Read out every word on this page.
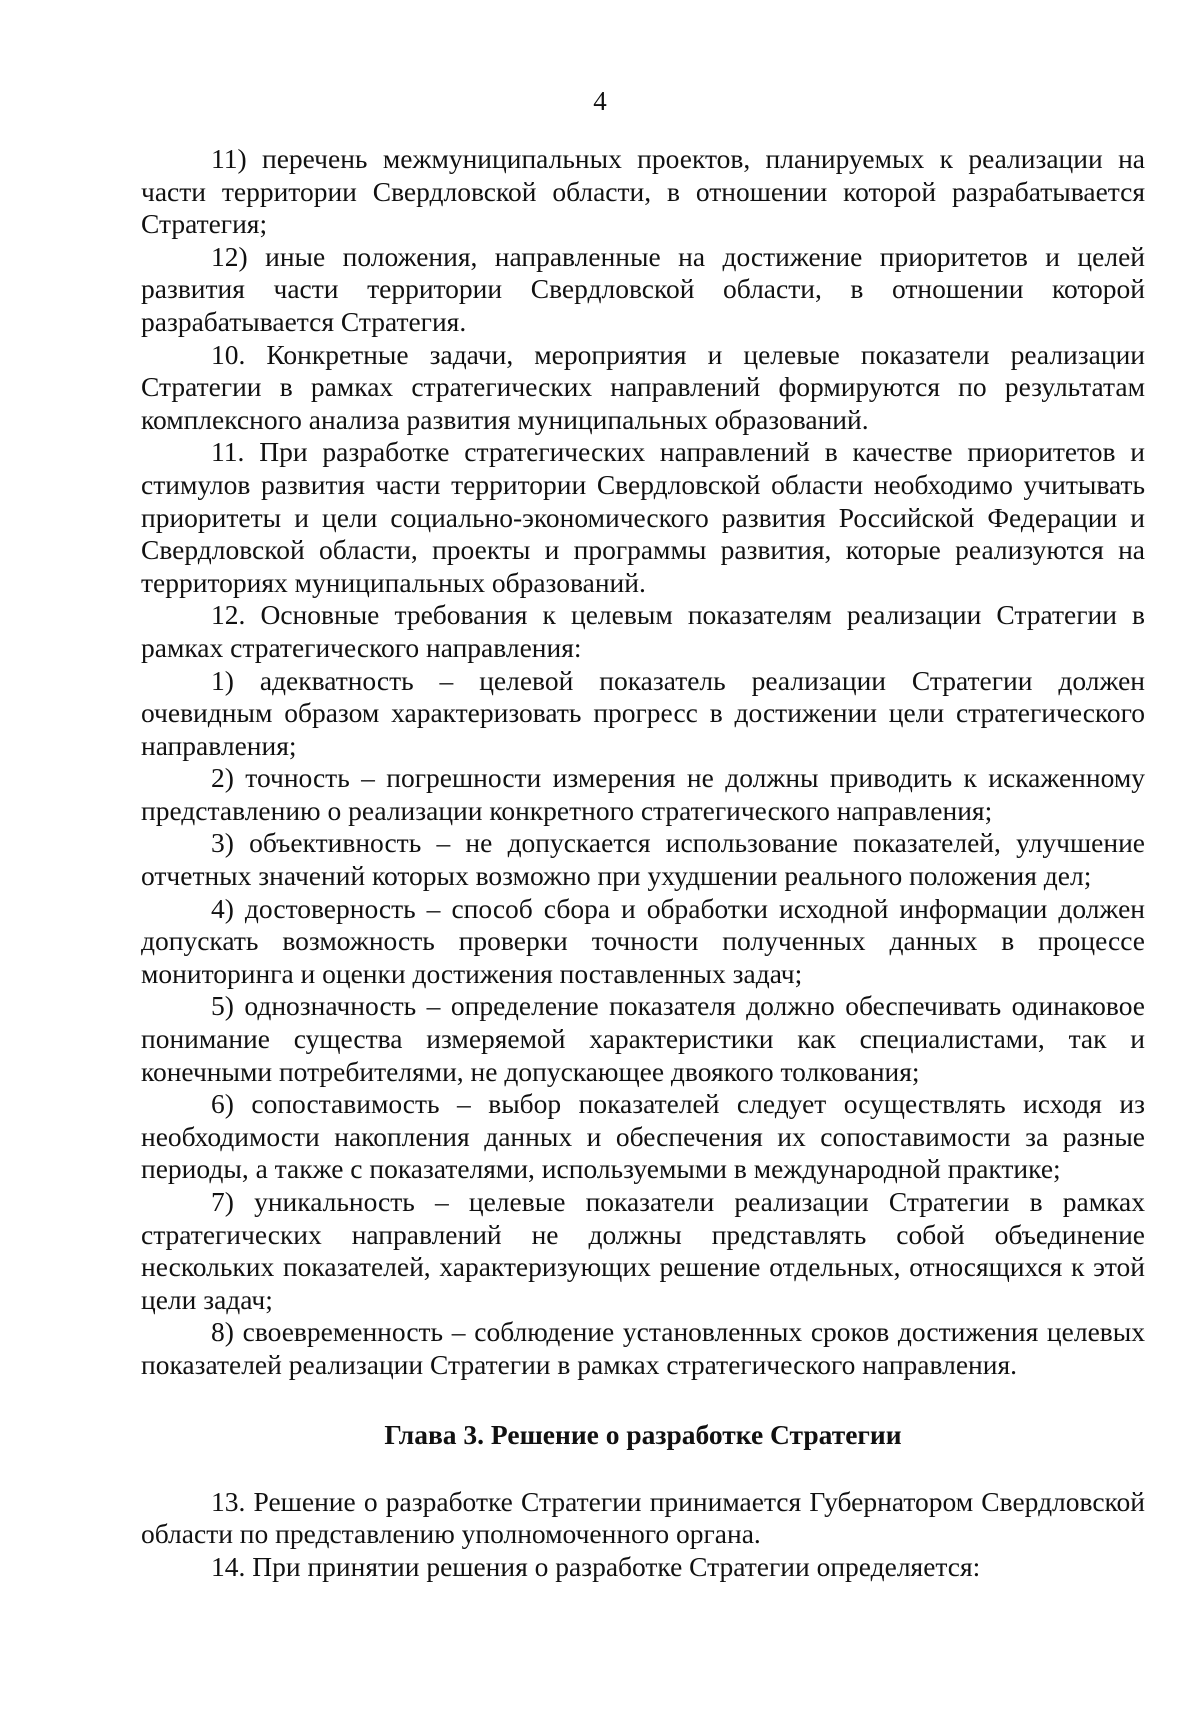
4

11) перечень межмуниципальных проектов, планируемых к реализации на части территории Свердловской области, в отношении которой разрабатывается Стратегия;

12) иные положения, направленные на достижение приоритетов и целей развития части территории Свердловской области, в отношении которой разрабатывается Стратегия.

10. Конкретные задачи, мероприятия и целевые показатели реализации Стратегии в рамках стратегических направлений формируются по результатам комплексного анализа развития муниципальных образований.

11. При разработке стратегических направлений в качестве приоритетов и стимулов развития части территории Свердловской области необходимо учитывать приоритеты и цели социально-экономического развития Российской Федерации и Свердловской области, проекты и программы развития, которые реализуются на территориях муниципальных образований.

12. Основные требования к целевым показателям реализации Стратегии в рамках стратегического направления:

1) адекватность – целевой показатель реализации Стратегии должен очевидным образом характеризовать прогресс в достижении цели стратегического направления;

2) точность – погрешности измерения не должны приводить к искаженному представлению о реализации конкретного стратегического направления;

3) объективность – не допускается использование показателей, улучшение отчетных значений которых возможно при ухудшении реального положения дел;

4) достоверность – способ сбора и обработки исходной информации должен допускать возможность проверки точности полученных данных в процессе мониторинга и оценки достижения поставленных задач;

5) однозначность – определение показателя должно обеспечивать одинаковое понимание существа измеряемой характеристики как специалистами, так и конечными потребителями, не допускающее двоякого толкования;

6) сопоставимость – выбор показателей следует осуществлять исходя из необходимости накопления данных и обеспечения их сопоставимости за разные периоды, а также с показателями, используемыми в международной практике;

7) уникальность – целевые показатели реализации Стратегии в рамках стратегических направлений не должны представлять собой объединение нескольких показателей, характеризующих решение отдельных, относящихся к этой цели задач;

8) своевременность – соблюдение установленных сроков достижения целевых показателей реализации Стратегии в рамках стратегического направления.

Глава 3. Решение о разработке Стратегии

13. Решение о разработке Стратегии принимается Губернатором Свердловской области по представлению уполномоченного органа.

14. При принятии решения о разработке Стратегии определяется:
